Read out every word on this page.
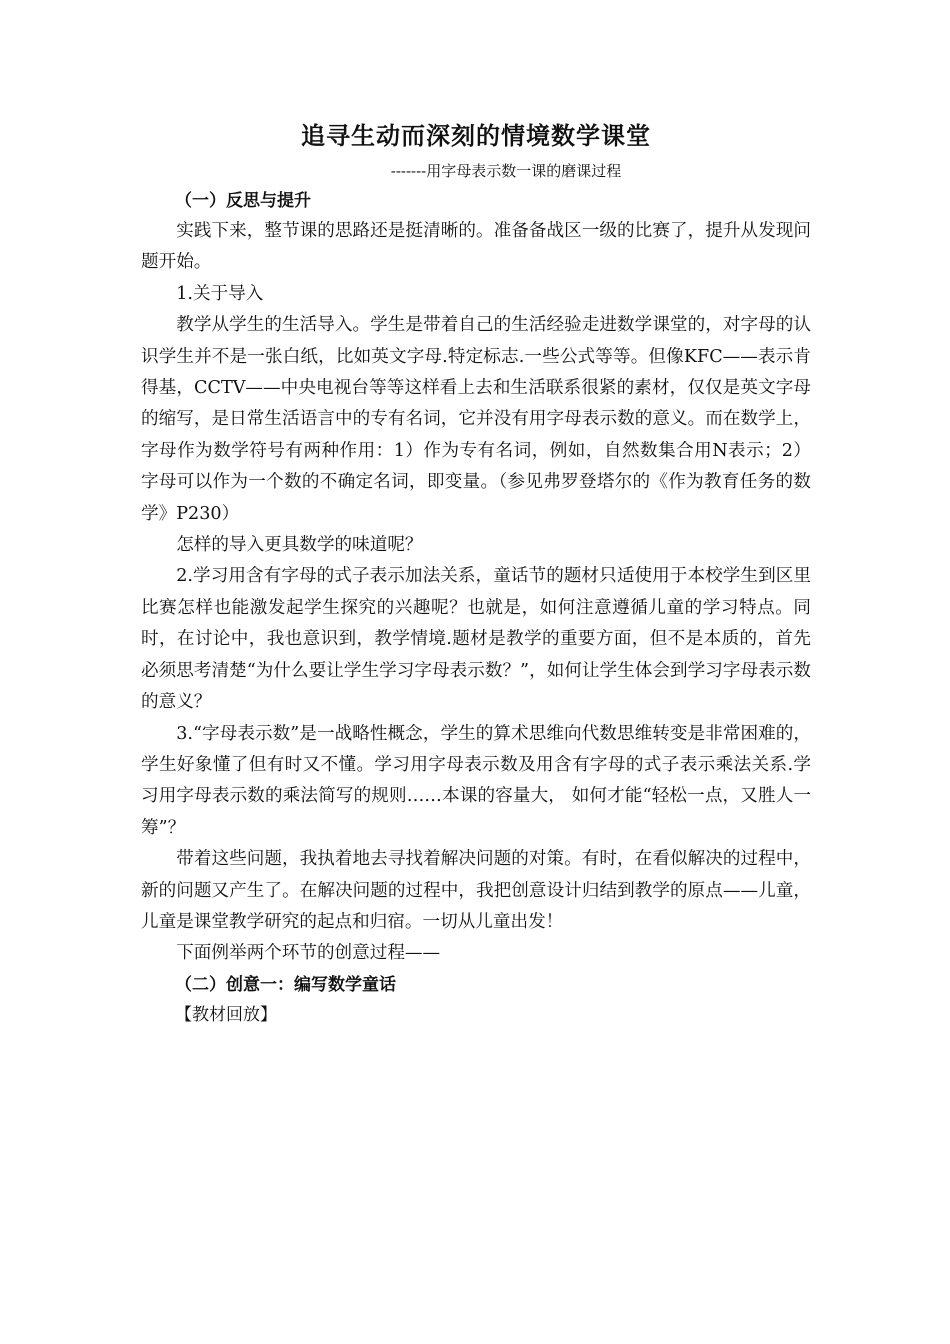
追寻生动而深刻的情境数学课堂

-------用字母表示数一课的磨课过程

（一）反思与提升

实践下来，整节课的思路还是挺清晰的。准备备战区一级的比赛了，提升从发现问题开始。

1.关于导入

教学从学生的生活导入。学生是带着自己的生活经验走进数学课堂的，对字母的认识学生并不是一张白纸，比如英文字母.特定标志.一些公式等等。但像KFC——表示肯得基，CCTV——中央电视台等等这样看上去和生活联系很紧的素材，仅仅是英文字母的缩写，是日常生活语言中的专有名词，它并没有用字母表示数的意义。而在数学上，字母作为数学符号有两种作用：1）作为专有名词，例如，自然数集合用N表示；2）字母可以作为一个数的不确定名词，即变量。（参见弗罗登塔尔的《作为教育任务的数学》P230）

怎样的导入更具数学的味道呢？

2.学习用含有字母的式子表示加法关系，童话节的题材只适使用于本校学生到区里比赛怎样也能激发起学生探究的兴趣呢？也就是，如何注意遵循儿童的学习特点。同时，在讨论中，我也意识到，教学情境.题材是教学的重要方面，但不是本质的，首先必须思考清楚“为什么要让学生学习字母表示数？”，如何让学生体会到学习字母表示数的意义？

3.“字母表示数”是一战略性概念，学生的算术思维向代数思维转变是非常困难的，学生好象懂了但有时又不懂。学习用字母表示数及用含有字母的式子表示乘法关系.学习用字母表示数的乘法简写的规则……本课的容量大， 如何才能“轻松一点，又胜人一筹”？

带着这些问题，我执着地去寻找着解决问题的对策。有时，在看似解决的过程中，新的问题又产生了。在解决问题的过程中，我把创意设计归结到教学的原点——儿童，儿童是课堂教学研究的起点和归宿。一切从儿童出发！

下面例举两个环节的创意过程——

（二）创意一：编写数学童话

【教材回放】
